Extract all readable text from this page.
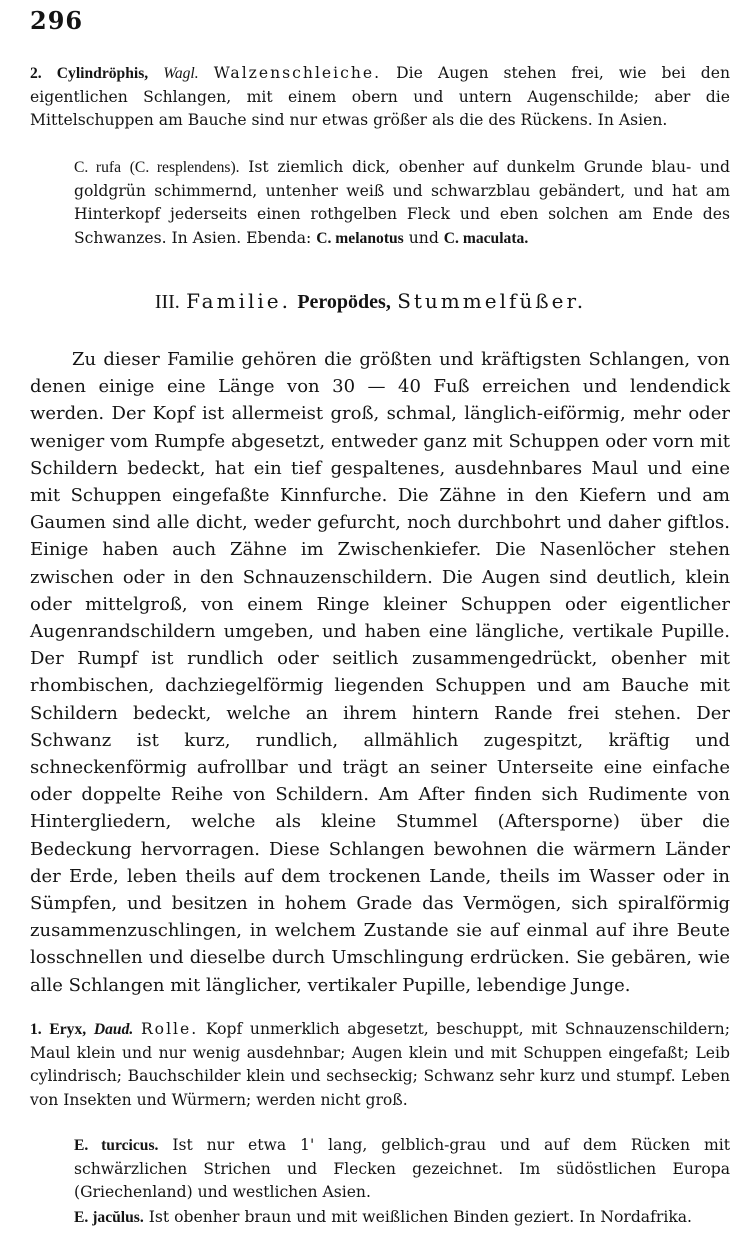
296
2. Cylindröphis, Wagl. Walzenschleiche. Die Augen stehen frei, wie bei den eigentlichen Schlangen, mit einem obern und untern Augenschilde; aber die Mittelschuppen am Bauche sind nur etwas größer als die des Rückens. In Asien.
C. rufa (C. resplendens). Ist ziemlich dick, obenher auf dunkelm Grunde blau- und goldgrün schimmernd, untenher weiß und schwarzblau gebändert, und hat am Hinterkopf jederseits einen rothgelben Fleck und eben solchen am Ende des Schwanzes. In Asien. Ebenda: C. melanotus und C. maculata.
III. Familie. Peropödes, Stummelfüßer.
Zu dieser Familie gehören die größten und kräftigsten Schlangen, von denen einige eine Länge von 30 — 40 Fuß erreichen und lendendick werden. Der Kopf ist allermeist groß, schmal, länglich-eiförmig, mehr oder weniger vom Rumpfe abgesetzt, entweder ganz mit Schuppen oder vorn mit Schildern bedeckt, hat ein tief gespaltenes, ausdehnbares Maul und eine mit Schuppen eingefaßte Kinnfurche. Die Zähne in den Kiefern und am Gaumen sind alle dicht, weder gefurcht, noch durchbohrt und daher giftlos. Einige haben auch Zähne im Zwischenkiefer. Die Nasenlöcher stehen zwischen oder in den Schnauzenschildern. Die Augen sind deutlich, klein oder mittelgroß, von einem Ringe kleiner Schuppen oder eigentlicher Augenrandschildern umgeben, und haben eine längliche, vertikale Pupille. Der Rumpf ist rundlich oder seitlich zusammengedrückt, obenher mit rhombischen, dachziegelförmig liegenden Schuppen und am Bauche mit Schildern bedeckt, welche an ihrem hintern Rande frei stehen. Der Schwanz ist kurz, rundlich, allmählich zugespitzt, kräftig und schneckenförmig aufrollbar und trägt an seiner Unterseite eine einfache oder doppelte Reihe von Schildern. Am After finden sich Rudimente von Hintergliedern, welche als kleine Stummel (Aftersporne) über die Bedeckung hervorragen. Diese Schlangen bewohnen die wärmern Länder der Erde, leben theils auf dem trockenen Lande, theils im Wasser oder in Sümpfen, und besitzen in hohem Grade das Vermögen, sich spiralförmig zusammenzuschlingen, in welchem Zustande sie auf einmal auf ihre Beute losschnellen und dieselbe durch Umschlingung erdrücken. Sie gebären, wie alle Schlangen mit länglicher, vertikaler Pupille, lebendige Junge.
1. Eryx, Daud. Rolle. Kopf unmerklich abgesetzt, beschuppt, mit Schnauzenschildern; Maul klein und nur wenig ausdehnbar; Augen klein und mit Schuppen eingefaßt; Leib cylindrisch; Bauchschilder klein und sechseckig; Schwanz sehr kurz und stumpf. Leben von Insekten und Würmern; werden nicht groß.
E. turcicus. Ist nur etwa 1' lang, gelblich-grau und auf dem Rücken mit schwärzlichen Strichen und Flecken gezeichnet. Im südöstlichen Europa (Griechenland) und westlichen Asien.
E. jacŭlus. Ist obenher braun und mit weißlichen Binden geziert. In Nordafrika.
